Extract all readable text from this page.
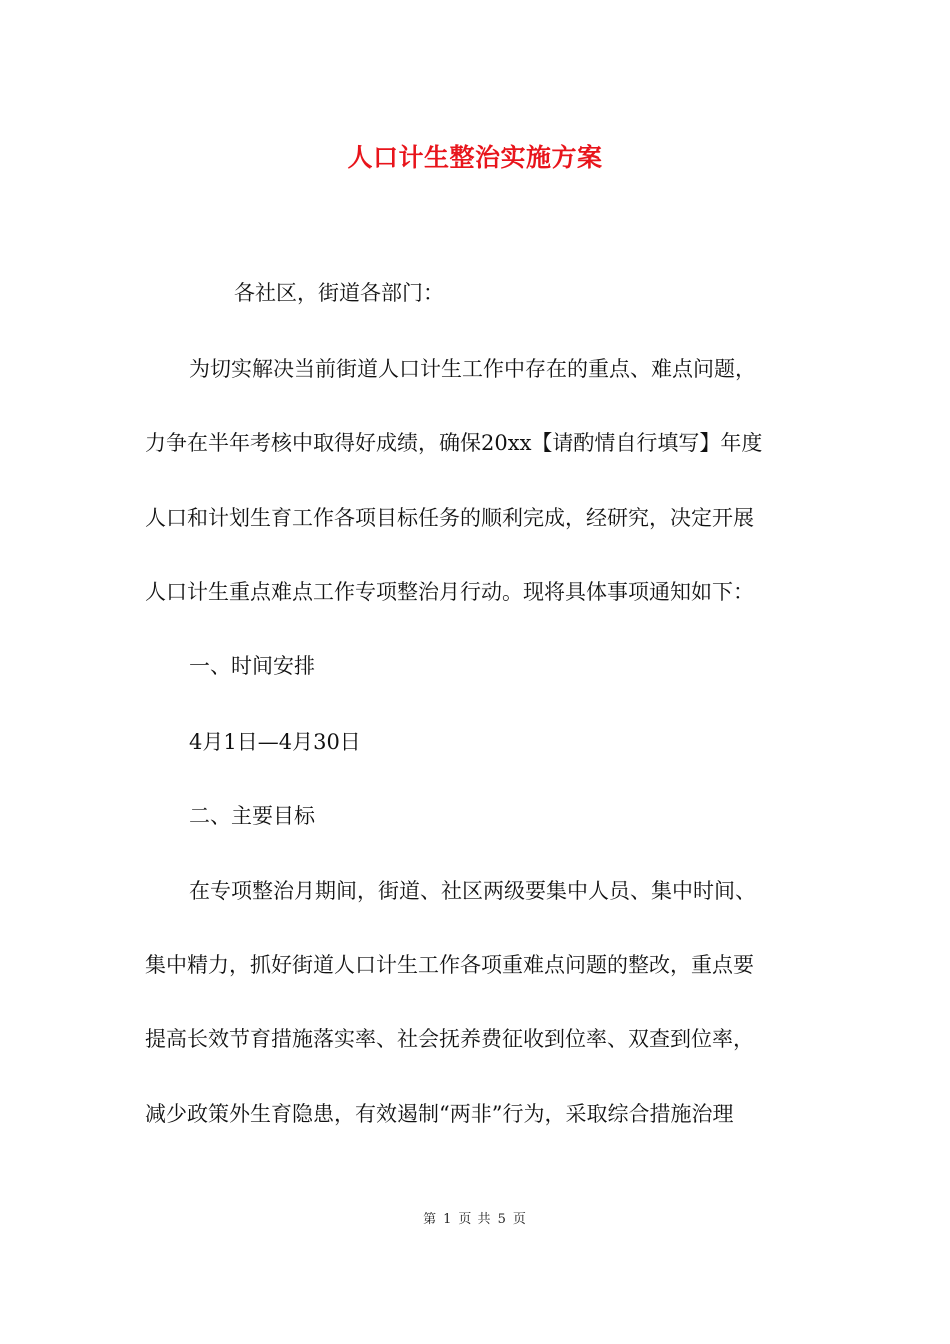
人口计生整治实施方案
各社区，街道各部门：
为切实解决当前街道人口计生工作中存在的重点、难点问题，
力争在半年考核中取得好成绩，确保20xx【请酌情自行填写】年度
人口和计划生育工作各项目标任务的顺利完成，经研究，决定开展
人口计生重点难点工作专项整治月行动。现将具体事项通知如下：
一、时间安排
4月1日—4月30日
二、主要目标
在专项整治月期间，街道、社区两级要集中人员、集中时间、
集中精力，抓好街道人口计生工作各项重难点问题的整改，重点要
提高长效节育措施落实率、社会抚养费征收到位率、双查到位率，
减少政策外生育隐患，有效遏制“两非”行为，采取综合措施治理
第 1 页 共 5 页
